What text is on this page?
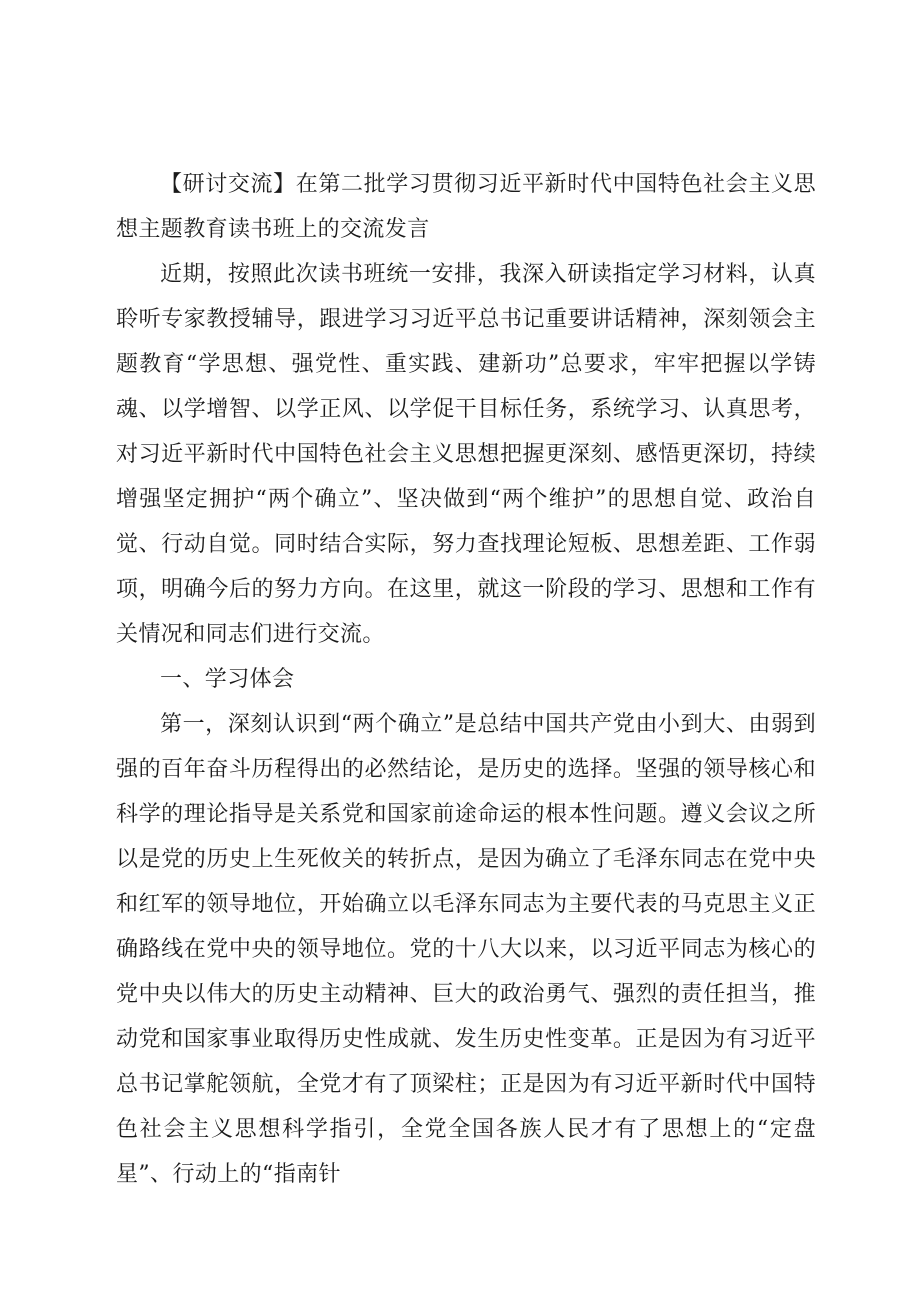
【研讨交流】在第二批学习贯彻习近平新时代中国特色社会主义思想主题教育读书班上的交流发言

近期，按照此次读书班统一安排，我深入研读指定学习材料，认真聆听专家教授辅导，跟进学习习近平总书记重要讲话精神，深刻领会主题教育“学思想、强党性、重实践、建新功”总要求，牢牢把握以学铸魂、以学增智、以学正风、以学促干目标任务，系统学习、认真思考，对习近平新时代中国特色社会主义思想把握更深刻、感悟更深切，持续增强坚定拥护“两个确立”、坚决做到“两个维护”的思想自觉、政治自觉、行动自觉。同时结合实际，努力查找理论短板、思想差距、工作弱项，明确今后的努力方向。在这里，就这一阶段的学习、思想和工作有关情况和同志们进行交流。

一、学习体会

第一，深刻认识到“两个确立”是总结中国共产党由小到大、由弱到强的百年奋斗历程得出的必然结论，是历史的选择。坚强的领导核心和科学的理论指导是关系党和国家前途命运的根本性问题。遵义会议之所以是党的历史上生死攸关的转折点，是因为确立了毛泽东同志在党中央和红军的领导地位，开始确立以毛泽东同志为主要代表的马克思主义正确路线在党中央的领导地位。党的十八大以来，以习近平同志为核心的党中央以伟大的历史主动精神、巨大的政治勇气、强烈的责任担当，推动党和国家事业取得历史性成就、发生历史性变革。正是因为有习近平总书记掌舵领航，全党才有了顶梁柱；正是因为有习近平新时代中国特色社会主义思想科学指引，全党全国各族人民才有了思想上的“定盘星”、行动上的“指南针
